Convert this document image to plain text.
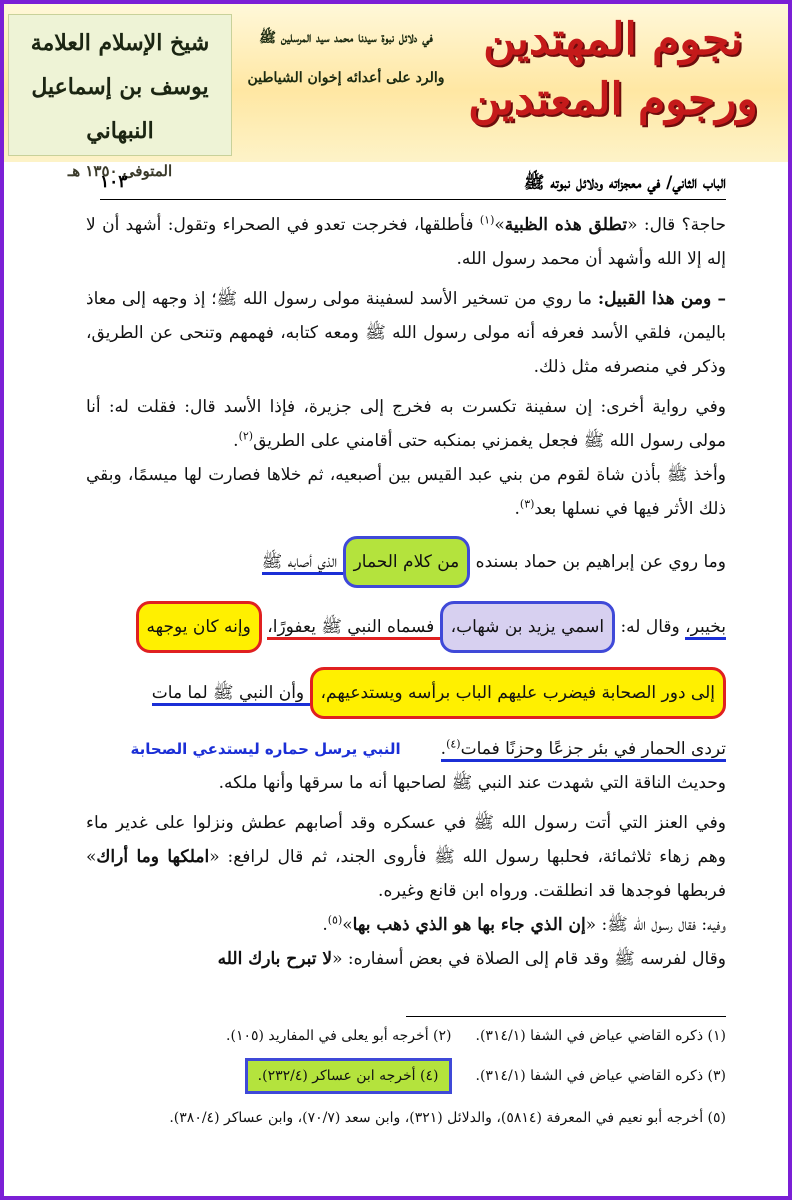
نجوم المهتدين
ورجوم المعتدين
في دلائل نبوة سيدنا محمد سيد المرسلين ﷺ
والرد على أعدائه إخوان الشياطين
شيخ الإسلام العلامة
يوسف بن إسماعيل النبهاني
المتوفى ١٣٥٠ هـ
الباب الثاني/ في معجزاته ودلائل نبوته ﷺ
١٠٣

حاجة؟ قال: «تطلق هذه الظبية»$^{(١)}$ فأطلقها، فخرجت تعدو في الصحراء وتقول: أشهد أن لا إله إلا الله وأشهد أن محمد رسول الله.

– ومن هذا القبيل: ما روي من تسخير الأسد لسفينة مولى رسول الله ﷺ؛ إذ وجهه إلى معاذ باليمن، فلقي الأسد فعرفه أنه مولى رسول الله ﷺ ومعه كتابه، فهمهم وتنحى عن الطريق، وذكر في منصرفه مثل ذلك.

وفي رواية أخرى: إن سفينة تكسرت به فخرج إلى جزيرة، فإذا الأسد قال: فقلت له: أنا مولى رسول الله ﷺ فجعل يغمزني بمنكبه حتى أقامني على الطريق$^{(٢)}$.

وأخذ ﷺ بأذن شاة لقوم من بني عبد القيس بين أصبعيه، ثم خلاها فصارت لها ميسمًا، وبقي ذلك الأثر فيها في نسلها بعد$^{(٣)}$.

وما روي عن إبراهيم بن حماد بسنده من كلام الحمار الذي أصابه ﷺ

بخيبر، وقال له: اسمي يزيد بن شهاب، فسماه النبي ﷺ يعفورًا، وإنه كان يوجهه

إلى دور الصحابة فيضرب عليهم الباب برأسه ويستدعيهم، وأن النبي ﷺ لما مات

تردى الحمار في بئر جزعًا وحزنًا فمات$^{(٤)}$.النبي يرسل حماره ليستدعي الصحابة

وحديث الناقة التي شهدت عند النبي ﷺ لصاحبها أنه ما سرقها وأنها ملكه.

وفي العنز التي أتت رسول الله ﷺ في عسكره وقد أصابهم عطش ونزلوا على غدير ماء وهم زهاء ثلاثمائة، فحلبها رسول الله ﷺ فأروى الجند، ثم قال لرافع: «املكها وما أراك» فربطها فوجدها قد انطلقت. ورواه ابن قانع وغيره.

وفيه: فقال رسول الله ﷺ: «إن الذي جاء بها هو الذي ذهب بها»$^{(٥)}$.

وقال لفرسه ﷺ وقد قام إلى الصلاة في بعض أسفاره: «لا تبرح بارك الله

(١) ذكره القاضي عياض في الشفا (٣١٤/١).
(٢) أخرجه أبو يعلى في المفاريد (١٠٥).
(٣) ذكره القاضي عياض في الشفا (٣١٤/١).
(٤) أخرجه ابن عساكر (٢٣٢/٤).
(٥) أخرجه أبو نعيم في المعرفة (٥٨١٤)، والدلائل (٣٢١)، وابن سعد (٧٠/٧)، وابن عساكر (٣٨٠/٤).
